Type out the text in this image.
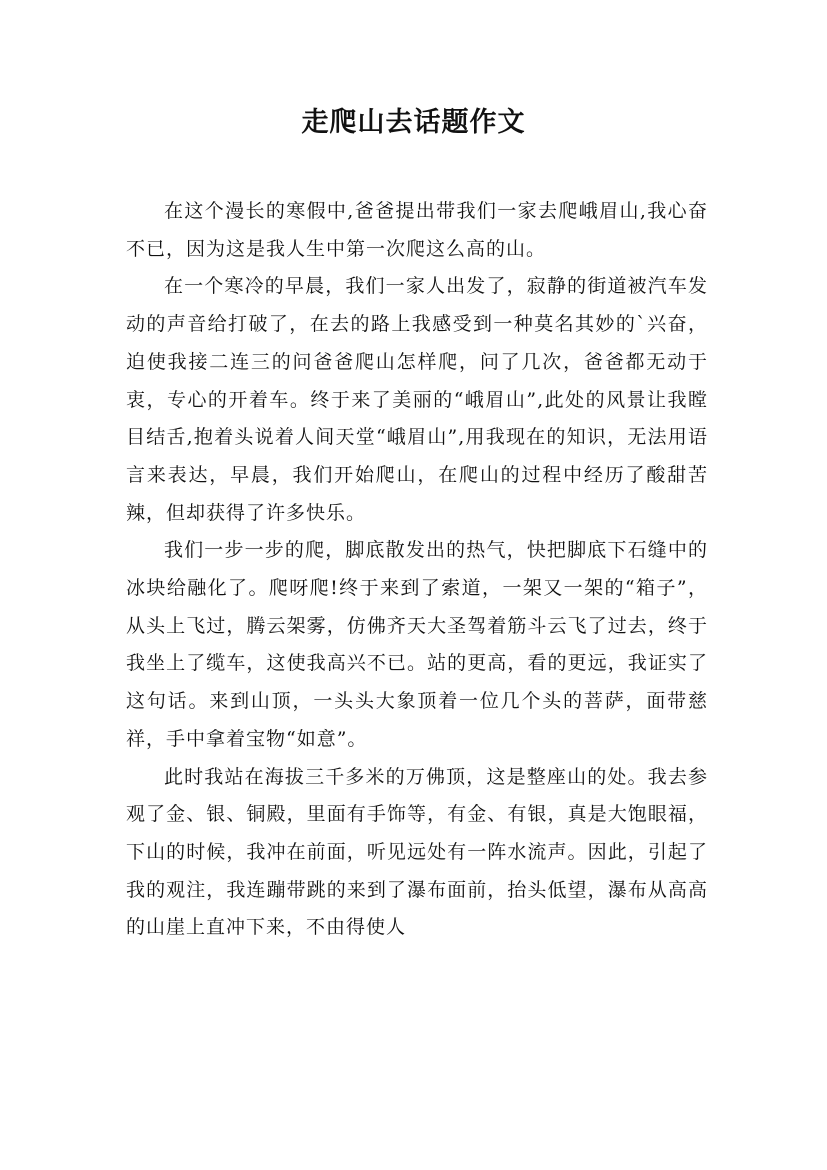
走爬山去话题作文

在这个漫长的寒假中,爸爸提出带我们一家去爬峨眉山,我心奋不已，因为这是我人生中第一次爬这么高的山。

在一个寒冷的早晨，我们一家人出发了，寂静的街道被汽车发动的声音给打破了，在去的路上我感受到一种莫名其妙的`兴奋，迫使我接二连三的问爸爸爬山怎样爬，问了几次，爸爸都无动于衷，专心的开着车。终于来了美丽的“峨眉山”,此处的风景让我瞠目结舌,抱着头说着人间天堂“峨眉山”,用我现在的知识，无法用语言来表达，早晨，我们开始爬山，在爬山的过程中经历了酸甜苦辣，但却获得了许多快乐。

我们一步一步的爬，脚底散发出的热气，快把脚底下石缝中的冰块给融化了。爬呀爬!终于来到了索道，一架又一架的“箱子”，从头上飞过，腾云架雾，仿佛齐天大圣驾着筋斗云飞了过去，终于我坐上了缆车，这使我高兴不已。站的更高，看的更远，我证实了这句话。来到山顶，一头头大象顶着一位几个头的菩萨，面带慈祥，手中拿着宝物“如意”。

此时我站在海拔三千多米的万佛顶，这是整座山的处。我去参观了金、银、铜殿，里面有手饰等，有金、有银，真是大饱眼福，下山的时候，我冲在前面，听见远处有一阵水流声。因此，引起了我的观注，我连蹦带跳的来到了瀑布面前，抬头低望，瀑布从高高的山崖上直冲下来，不由得使人
